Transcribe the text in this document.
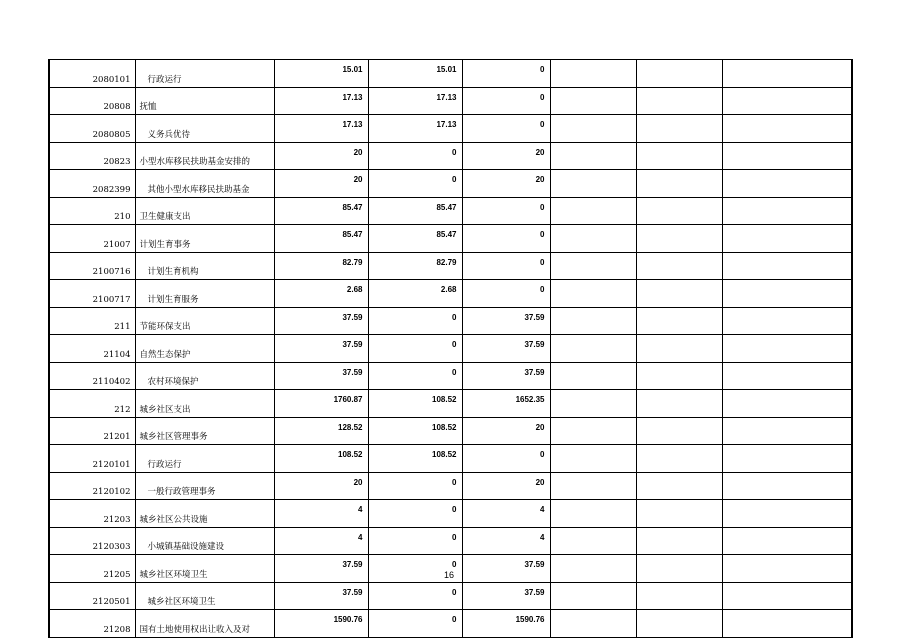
2080101	行政运行	15.01	15.01	0			
20808	抚恤	17.13	17.13	0			
2080805	义务兵优待	17.13	17.13	0			
20823	小型水库移民扶助基金安排的	20	0	20			
2082399	其他小型水库移民扶助基金	20	0	20			
210	卫生健康支出	85.47	85.47	0			
21007	计划生育事务	85.47	85.47	0			
2100716	计划生育机构	82.79	82.79	0			
2100717	计划生育服务	2.68	2.68	0			
211	节能环保支出	37.59	0	37.59			
21104	自然生态保护	37.59	0	37.59			
2110402	农村环境保护	37.59	0	37.59			
212	城乡社区支出	1760.87	108.52	1652.35			
21201	城乡社区管理事务	128.52	108.52	20			
2120101	行政运行	108.52	108.52	0			
2120102	一般行政管理事务	20	0	20			
21203	城乡社区公共设施	4	0	4			
2120303	小城镇基础设施建设	4	0	4			
21205	城乡社区环境卫生	37.59	0	37.59			
2120501	城乡社区环境卫生	37.59	0	37.59			
21208	国有土地使用权出让收入及对	1590.76	0	1590.76			
16
